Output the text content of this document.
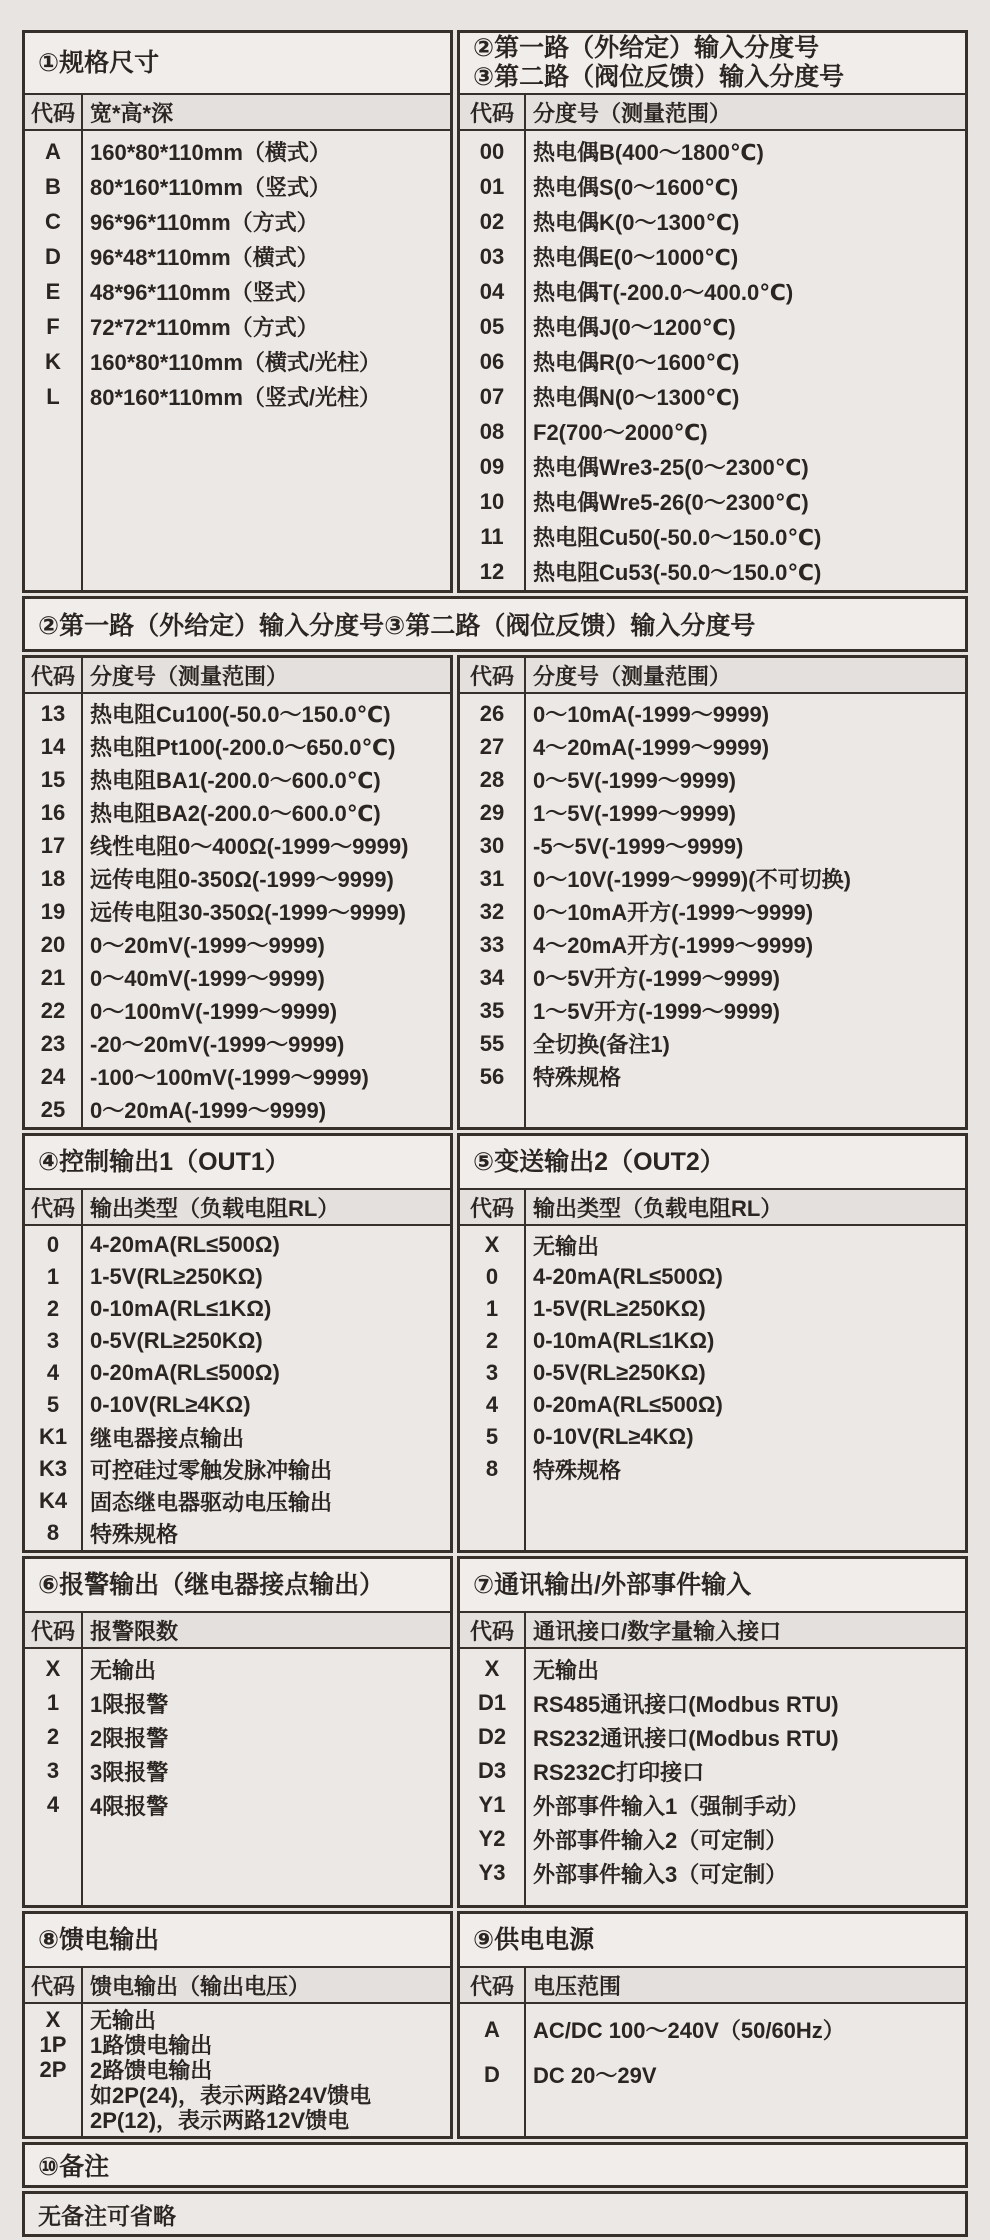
①规格尺寸
代码 宽*高*深
A	160*80*110mm（横式）
B	80*160*110mm（竖式）
C	96*96*110mm（方式）
D	96*48*110mm（横式）
E	48*96*110mm（竖式）
F	72*72*110mm（方式）
K	160*80*110mm（横式/光柱）
L	80*160*110mm（竖式/光柱）
②第一路（外给定）输入分度号
③第二路（阀位反馈）输入分度号
代码 分度号（测量范围）
00	热电偶B(400～1800℃)
01	热电偶S(0～1600℃)
02	热电偶K(0～1300℃)
03	热电偶E(0～1000℃)
04	热电偶T(-200.0～400.0℃)
05	热电偶J(0～1200℃)
06	热电偶R(0～1600℃)
07	热电偶N(0～1300℃)
08	F2(700～2000℃)
09	热电偶Wre3-25(0～2300℃)
10	热电偶Wre5-26(0～2300℃)
11	热电阻Cu50(-50.0～150.0℃)
12	热电阻Cu53(-50.0～150.0℃)
②第一路（外给定）输入分度号③第二路（阀位反馈）输入分度号
代码 分度号（测量范围）
13	热电阻Cu100(-50.0～150.0℃)
14	热电阻Pt100(-200.0～650.0℃)
15	热电阻BA1(-200.0～600.0℃)
16	热电阻BA2(-200.0～600.0℃)
17	线性电阻0～400Ω(-1999～9999)
18	远传电阻0-350Ω(-1999～9999)
19	远传电阻30-350Ω(-1999～9999)
20	0～20mV(-1999～9999)
21	0～40mV(-1999～9999)
22	0～100mV(-1999～9999)
23	-20～20mV(-1999～9999)
24	-100～100mV(-1999～9999)
25	0～20mA(-1999～9999)
代码 分度号（测量范围）
26	0～10mA(-1999～9999)
27	4～20mA(-1999～9999)
28	0～5V(-1999～9999)
29	1～5V(-1999～9999)
30	-5～5V(-1999～9999)
31	0～10V(-1999～9999)(不可切换)
32	0～10mA开方(-1999～9999)
33	4～20mA开方(-1999～9999)
34	0～5V开方(-1999～9999)
35	1～5V开方(-1999～9999)
55	全切换(备注1)
56	特殊规格
④控制输出1（OUT1）
代码 输出类型（负载电阻RL）
0	4-20mA(RL≤500Ω)
1	1-5V(RL≥250KΩ)
2	0-10mA(RL≤1KΩ)
3	0-5V(RL≥250KΩ)
4	0-20mA(RL≤500Ω)
5	0-10V(RL≥4KΩ)
K1	继电器接点输出
K3	可控硅过零触发脉冲输出
K4	固态继电器驱动电压输出
8	特殊规格
⑤变送输出2（OUT2）
代码 输出类型（负载电阻RL）
X	无输出
0	4-20mA(RL≤500Ω)
1	1-5V(RL≥250KΩ)
2	0-10mA(RL≤1KΩ)
3	0-5V(RL≥250KΩ)
4	0-20mA(RL≤500Ω)
5	0-10V(RL≥4KΩ)
8	特殊规格
⑥报警输出（继电器接点输出）
代码 报警限数
X	无输出
1	1限报警
2	2限报警
3	3限报警
4	4限报警
⑦通讯输出/外部事件输入
代码 通讯接口/数字量输入接口
X	无输出
D1	RS485通讯接口(Modbus RTU)
D2	RS232通讯接口(Modbus RTU)
D3	RS232C打印接口
Y1	外部事件输入1（强制手动）
Y2	外部事件输入2（可定制）
Y3	外部事件输入3（可定制）
⑧馈电输出
代码 馈电输出（输出电压）
X	无输出
1P	1路馈电输出
2P	2路馈电输出
如2P(24)，表示两路24V馈电
2P(12)，表示两路12V馈电
⑨供电电源
代码 电压范围
A	AC/DC 100～240V（50/60Hz）
D	DC 20～29V
⑩备注
无备注可省略
